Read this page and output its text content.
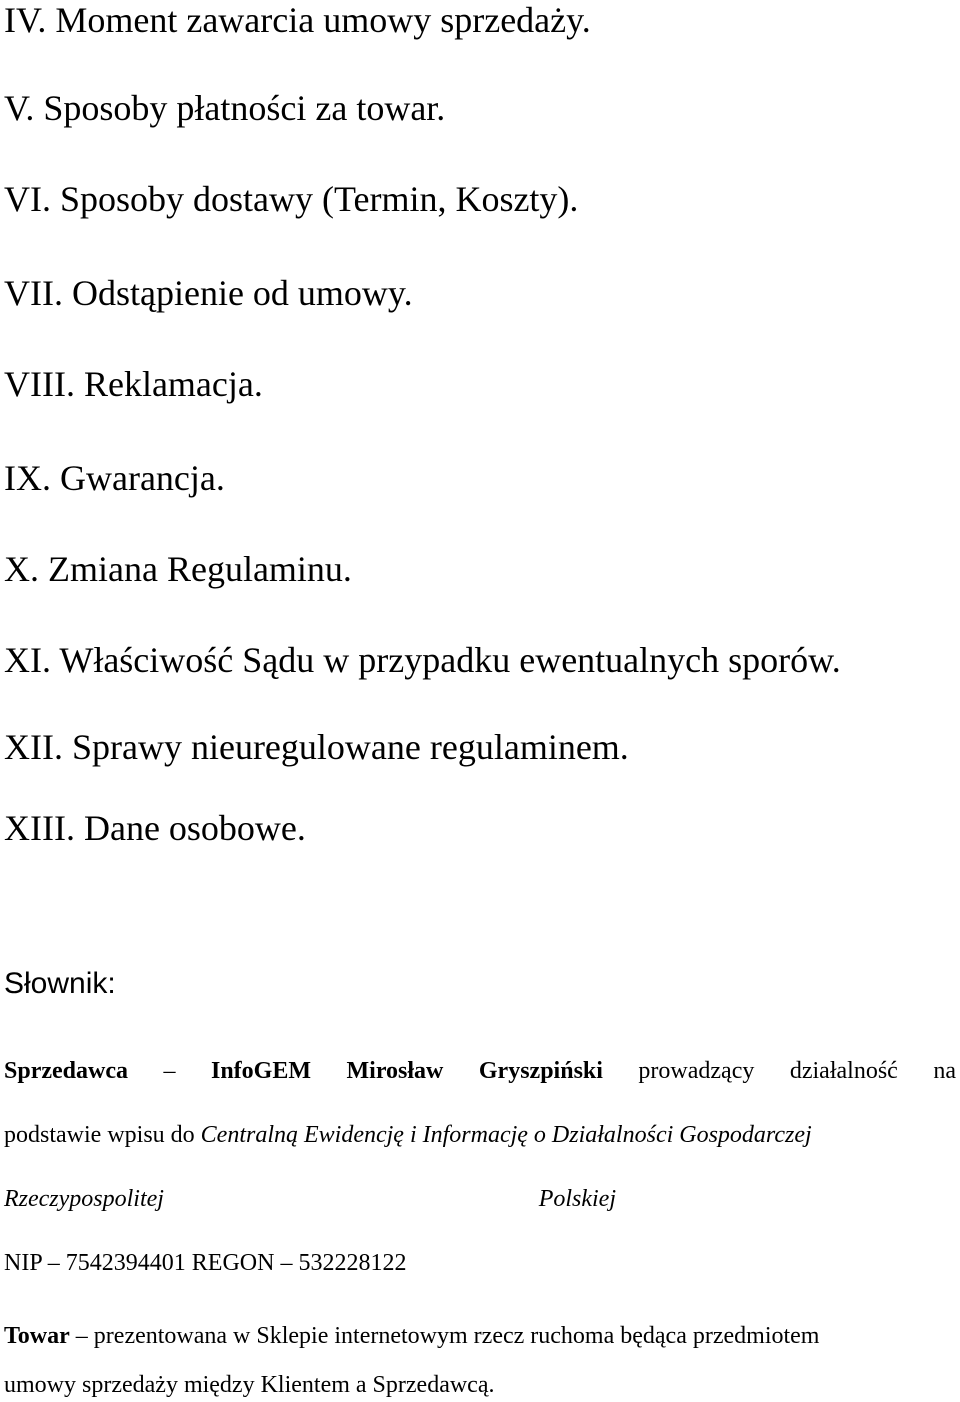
IV. Moment zawarcia umowy sprzedaży.
V. Sposoby płatności za towar.
VI. Sposoby dostawy (Termin, Koszty).
VII. Odstąpienie od umowy.
VIII. Reklamacja.
IX. Gwarancja.
X. Zmiana Regulaminu.
XI. Właściwość Sądu w przypadku ewentualnych sporów.
XII. Sprawy nieuregulowane regulaminem.
XIII. Dane osobowe.
Słownik:
Sprzedawca – InfoGEM Mirosław Gryszpiński prowadzący działalność na
podstawie wpisu do Centralną Ewidencję i Informację o Działalności Gospodarczej
Rzeczypospolitej	Polskiej
NIP – 7542394401 REGON – 532228122
Towar – prezentowana w Sklepie internetowym rzecz ruchoma będąca przedmiotem
umowy sprzedaży między Klientem a Sprzedawcą.
